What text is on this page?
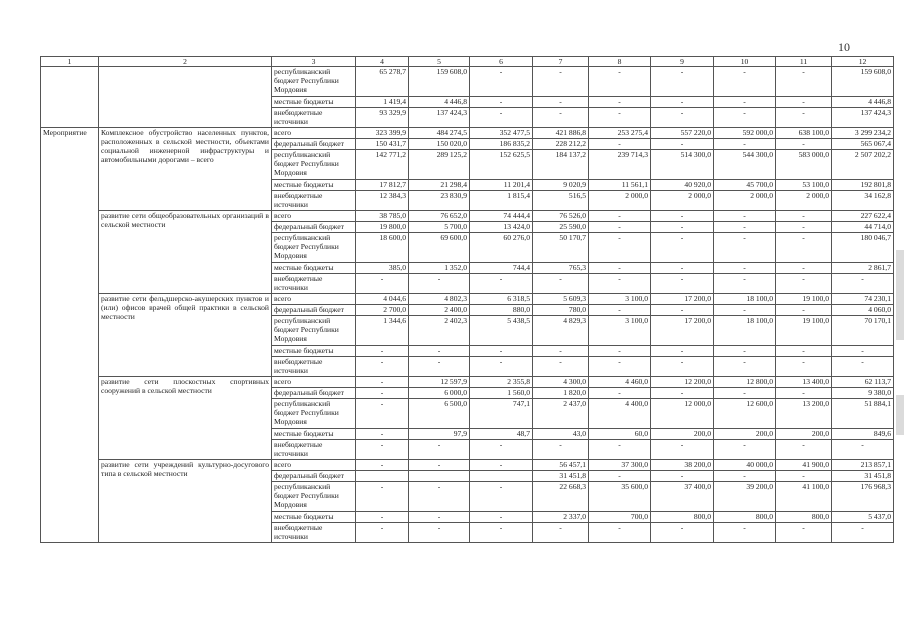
10
1	2	3	4	5	6	7	8	9	10	11	12
		республиканский бюджет Республики Мордовия	65 278,7	159 608,0	-	-	-	-	-	-	159 608,0
		местные бюджеты	1 419,4	4 446,8	-	-	-	-	-	-	4 446,8
		внебюджетные источники	93 329,9	137 424,3	-	-	-	-	-	-	137 424,3
Мероприятие	Комплексное обустройство населенных пунктов, расположенных в сельской местности, объектами социальной инженерной инфраструктуры и автомобильными дорогами – всего	всего	323 399,9	484 274,5	352 477,5	421 886,8	253 275,4	557 220,0	592 000,0	638 100,0	3 299 234,2
		федеральный бюджет	150 431,7	150 020,0	186 835,2	228 212,2	-	-	-	-	565 067,4
		республиканский бюджет Республики Мордовия	142 771,2	289 125,2	152 625,5	184 137,2	239 714,3	514 300,0	544 300,0	583 000,0	2 507 202,2
		местные бюджеты	17 812,7	21 298,4	11 201,4	9 020,9	11 561,1	40 920,0	45 700,0	53 100,0	192 801,8
		внебюджетные источники	12 384,3	23 830,9	1 815,4	516,5	2 000,0	2 000,0	2 000,0	2 000,0	34 162,8
	развитие сети общеобразовательных организаций в сельской местности	всего	38 785,0	76 652,0	74 444,4	76 526,0	-	-	-	-	227 622,4
		федеральный бюджет	19 800,0	5 700,0	13 424,0	25 590,0	-	-	-	-	44 714,0
		республиканский бюджет Республики Мордовия	18 600,0	69 600,0	60 276,0	50 170,7	-	-	-	-	180 046,7
		местные бюджеты	385,0	1 352,0	744,4	765,3	-	-	-	-	2 861,7
		внебюджетные источники	-	-	-	-	-	-	-	-	-
	развитие сети фельдшерско-акушерских пунктов и (или) офисов врачей общей практики в сельской местности	всего	4 044,6	4 802,3	6 318,5	5 609,3	3 100,0	17 200,0	18 100,0	19 100,0	74 230,1
		федеральный бюджет	2 700,0	2 400,0	880,0	780,0	-	-	-	-	4 060,0
		республиканский бюджет Республики Мордовия	1 344,6	2 402,3	5 438,5	4 829,3	3 100,0	17 200,0	18 100,0	19 100,0	70 170,1
		местные бюджеты	-	-	-	-	-	-	-	-	-
		внебюджетные источники	-	-	-	-	-	-	-	-	-
	развитие сети плоскостных спортивных сооружений в сельской местности	всего	-	12 597,9	2 355,8	4 300,0	4 460,0	12 200,0	12 800,0	13 400,0	62 113,7
		федеральный бюджет	-	6 000,0	1 560,0	1 820,0	-	-	-	-	9 380,0
		республиканский бюджет Республики Мордовия	-	6 500,0	747,1	2 437,0	4 400,0	12 000,0	12 600,0	13 200,0	51 884,1
		местные бюджеты	-	97,9	48,7	43,0	60,0	200,0	200,0	200,0	849,6
		внебюджетные источники	-	-	-	-	-	-	-	-	-
	развитие сети учреждений культурно-досугового типа в сельской местности	всего	-	-	-	56 457,1	37 300,0	38 200,0	40 000,0	41 900,0	213 857,1
		федеральный бюджет				31 451,8	-	-	-	-	31 451,8
		республиканский бюджет Республики Мордовия	-	-	-	22 668,3	35 600,0	37 400,0	39 200,0	41 100,0	176 968,3
		местные бюджеты	-	-	-	2 337,0	700,0	800,0	800,0	800,0	5 437,0
		внебюджетные источники	-	-	-	-	-	-	-	-	-
